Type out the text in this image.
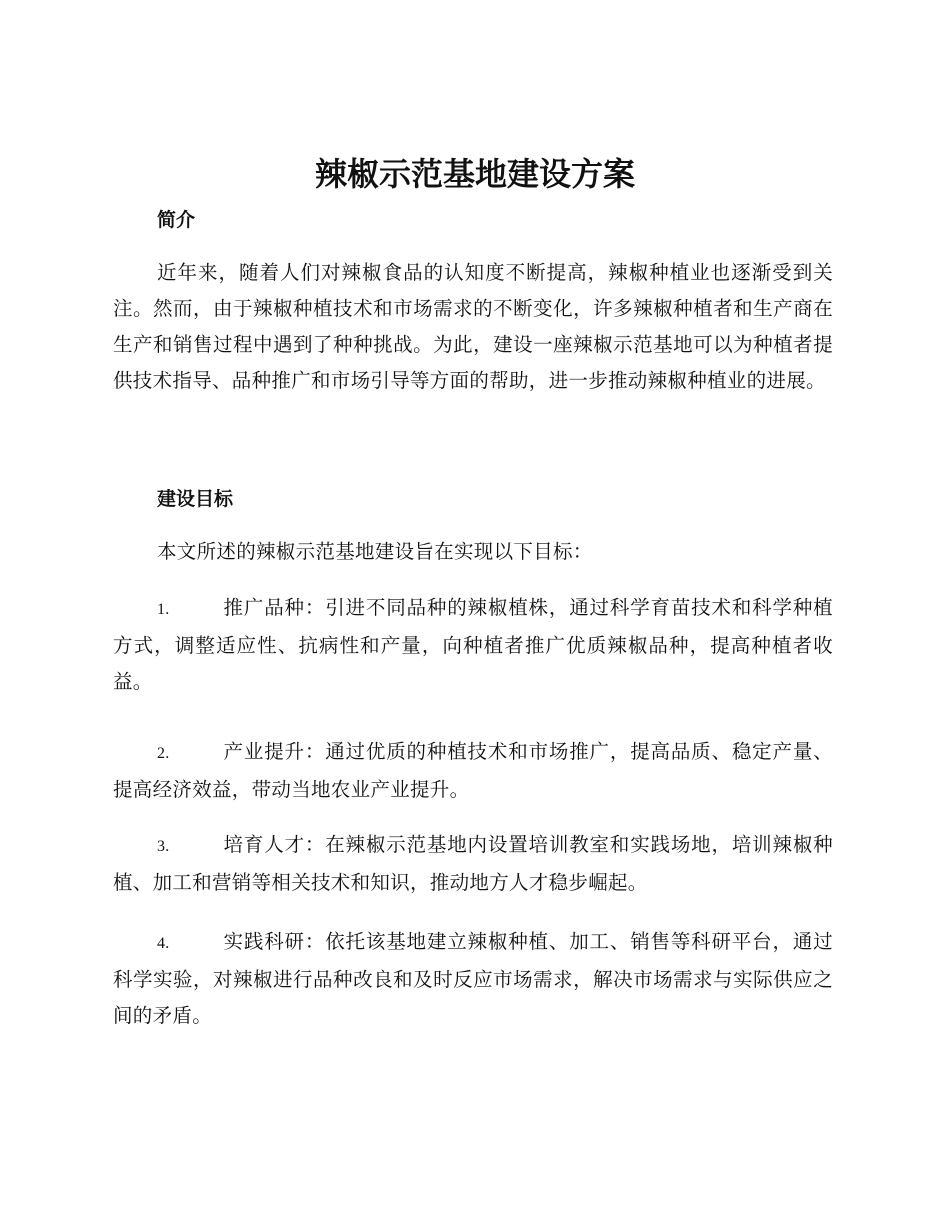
辣椒示范基地建设方案
简介

近年来，随着人们对辣椒食品的认知度不断提高，辣椒种植业也逐渐受到关注。然而，由于辣椒种植技术和市场需求的不断变化，许多辣椒种植者和生产商在生产和销售过程中遇到了种种挑战。为此，建设一座辣椒示范基地可以为种植者提供技术指导、品种推广和市场引导等方面的帮助，进一步推动辣椒种植业的进展。

建设目标

本文所述的辣椒示范基地建设旨在实现以下目标：

1.	推广品种：引进不同品种的辣椒植株，通过科学育苗技术和科学种植方式，调整适应性、抗病性和产量，向种植者推广优质辣椒品种，提高种植者收益。

2.	产业提升：通过优质的种植技术和市场推广，提高品质、稳定产量、提高经济效益，带动当地农业产业提升。

3.	培育人才：在辣椒示范基地内设置培训教室和实践场地，培训辣椒种植、加工和营销等相关技术和知识，推动地方人才稳步崛起。

4.	实践科研：依托该基地建立辣椒种植、加工、销售等科研平台，通过科学实验，对辣椒进行品种改良和及时反应市场需求，解决市场需求与实际供应之间的矛盾。
